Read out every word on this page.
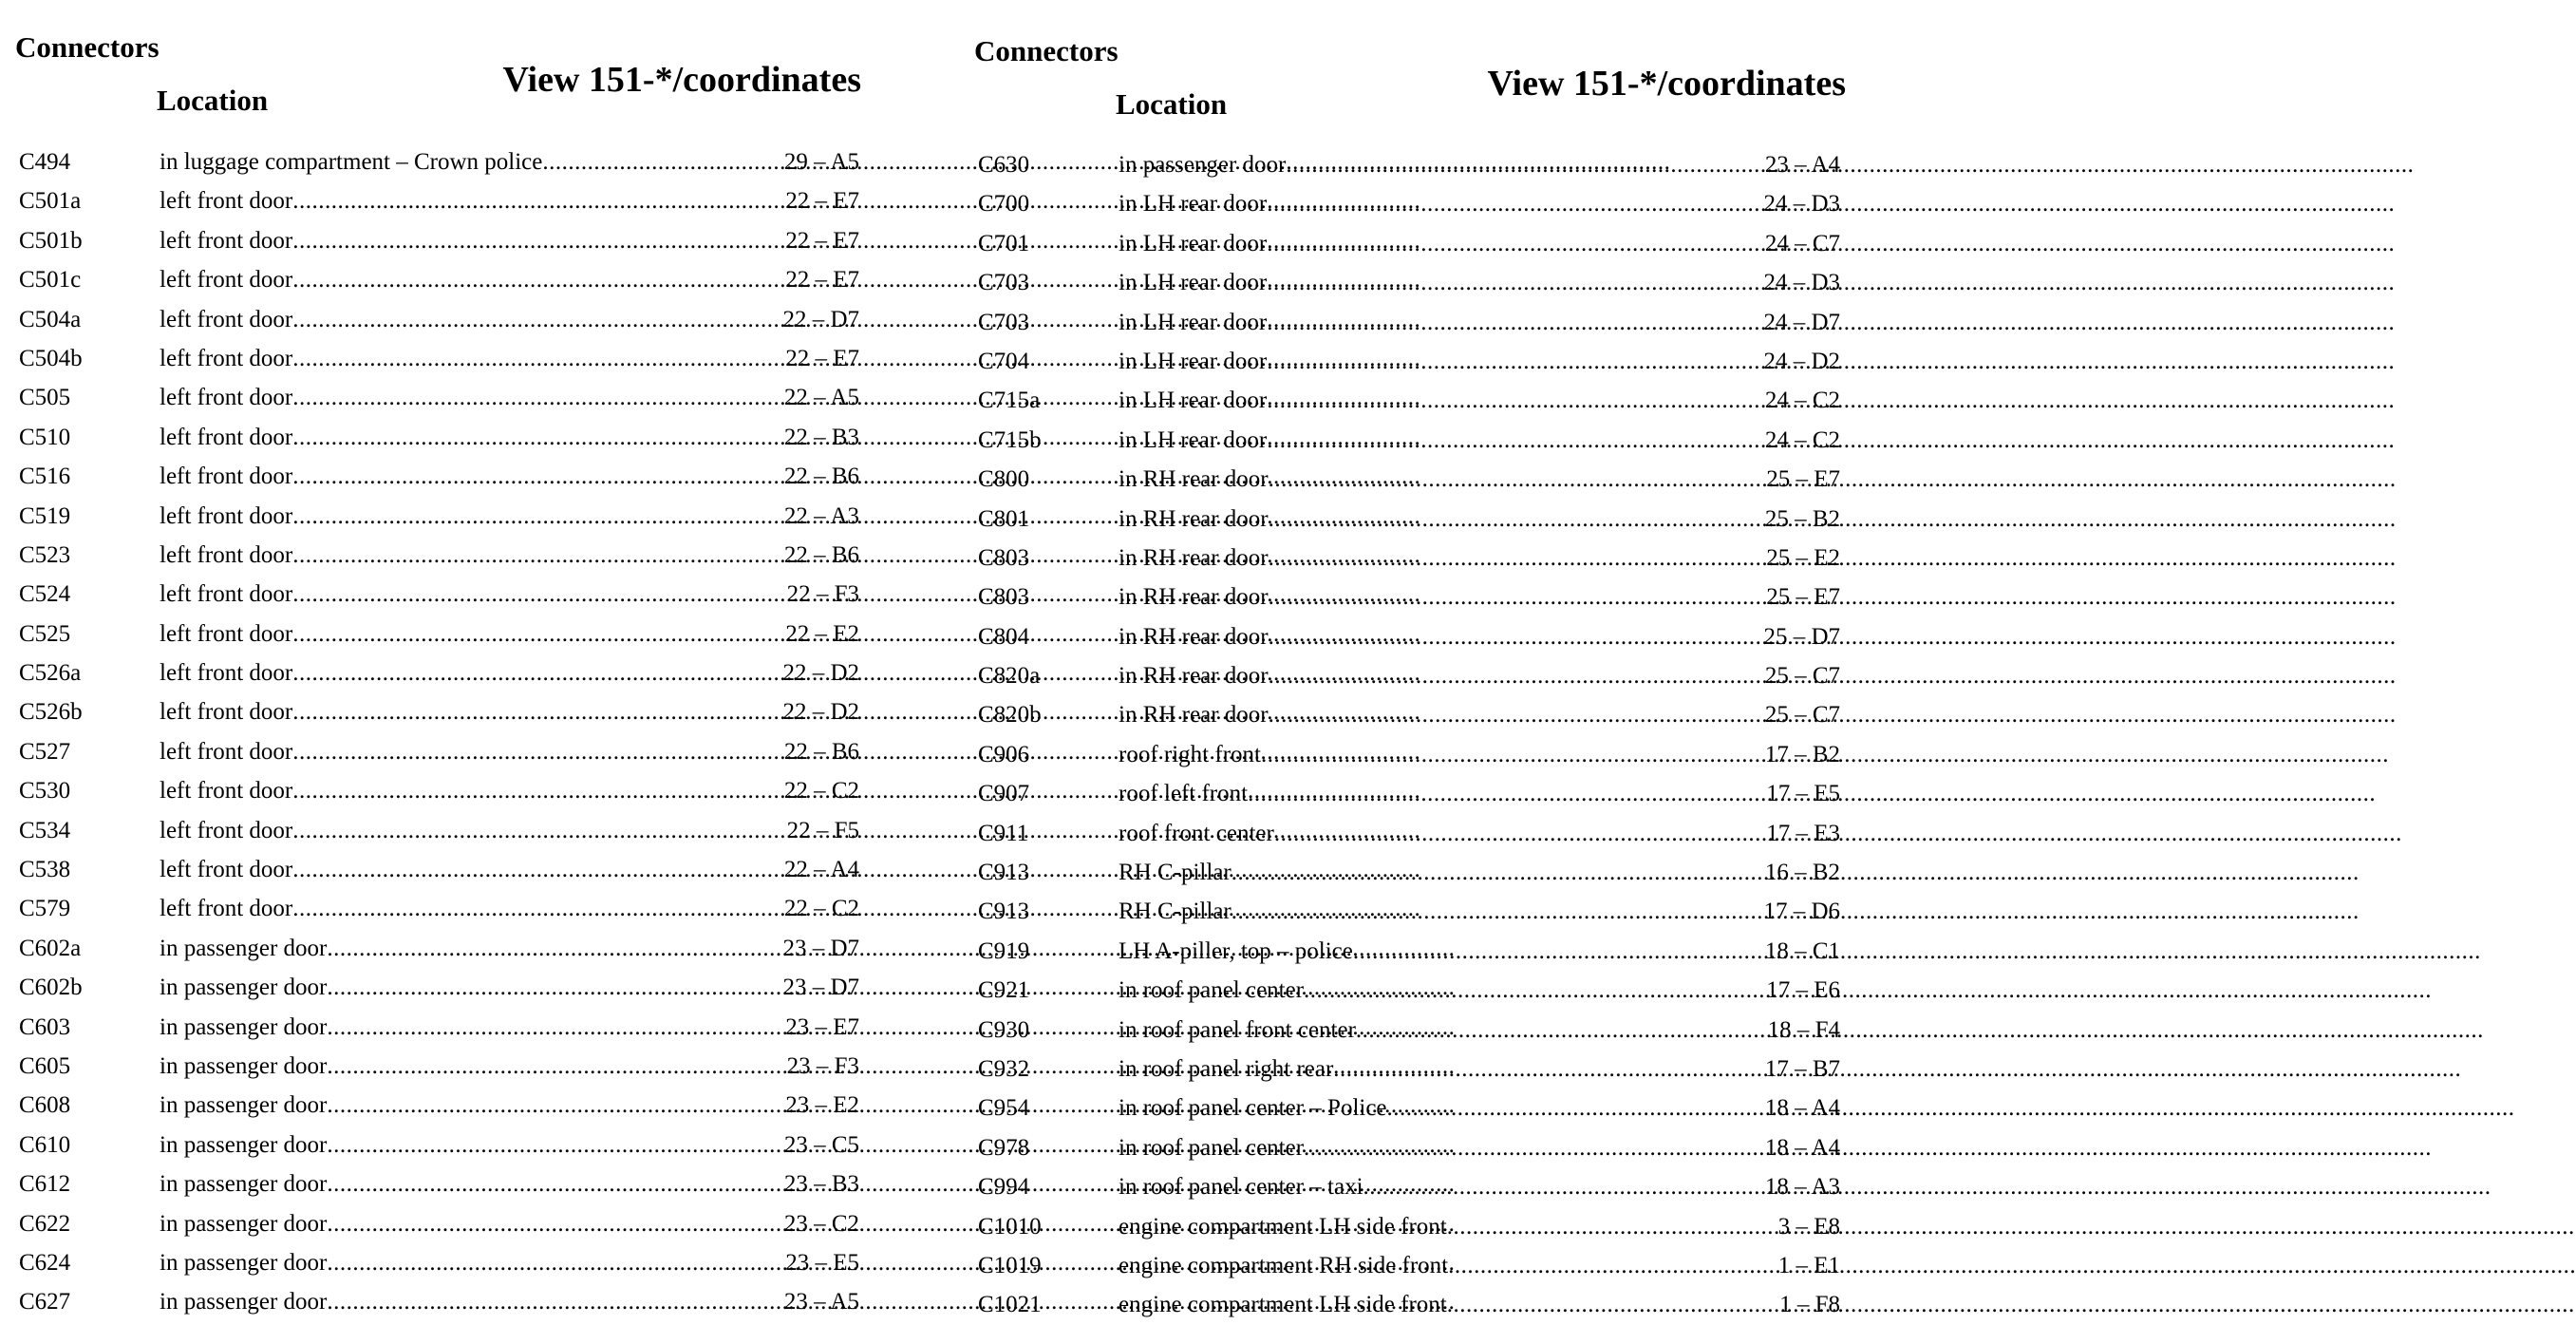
Connectors
Location
View 151-*/coordinates
C494	in luggage compartment – Crown police .....	29 – A5
C501a	left front door .....	22 – E7
C501b	left front door .....	22 – E7
C501c	left front door .....	22 – E7
C504a	left front door .....	22 – D7
C504b	left front door .....	22 – E7
C505	left front door .....	22 – A5
C510	left front door .....	22 – B3
C516	left front door .....	22 – B6
C519	left front door .....	22 – A3
C523	left front door .....	22 – B6
C524	left front door .....	22 – F3
C525	left front door .....	22 – E2
C526a	left front door .....	22 – D2
C526b	left front door .....	22 – D2
C527	left front door .....	22 – B6
C530	left front door .....	22 – C2
C534	left front door .....	22 – F5
C538	left front door .....	22 – A4
C579	left front door .....	22 – C2
C602a	in passenger door .....	23 – D7
C602b	in passenger door .....	23 – D7
C603	in passenger door .....	23 – E7
C605	in passenger door .....	23 – F3
C608	in passenger door .....	23 – E2
C610	in passenger door .....	23 – C5
C612	in passenger door .....	23 – B3
C622	in passenger door .....	23 – C2
C624	in passenger door .....	23 – E5
C627	in passenger door .....	23 – A5
Connectors
Location
View 151-*/coordinates
C630	in passenger door .....	23 – A4
C700	in LH rear door .....	24 – D3
C701	in LH rear door .....	24 – C7
C703	in LH rear door .....	24 – D3
C703	in LH rear door .....	24 – D7
C704	in LH rear door .....	24 – D2
C715a	in LH rear door .....	24 – C2
C715b	in LH rear door .....	24 – C2
C800	in RH rear door .....	25 – E7
C801	in RH rear door .....	25 – B2
C803	in RH rear door .....	25 – E2
C803	in RH rear door .....	25 – E7
C804	in RH rear door .....	25 – D7
C820a	in RH rear door .....	25 – C7
C820b	in RH rear door .....	25 – C7
C906	roof right front .....	17 – B2
C907	roof left front .....	17 – E5
C911	roof front center .....	17 – E3
C913	RH C-pillar .....	16 – B2
C913	RH C-pillar .....	17 – D6
C919	LH A-piller, top – police .....	18 – C1
C921	in roof panel center .....	17 – E6
C930	in roof panel front center .....	18 – F4
C932	in roof panel right rear .....	17 – B7
C954	in roof panel center – Police .....	18 – A4
C978	in roof panel center .....	18 – A4
C994	in roof panel center – taxi .....	18 – A3
C1010	engine compartment LH side front .....	3 – E8
C1019	engine compartment RH side front .....	1 – E1
C1021	engine compartment LH side front .....	1 – F8
